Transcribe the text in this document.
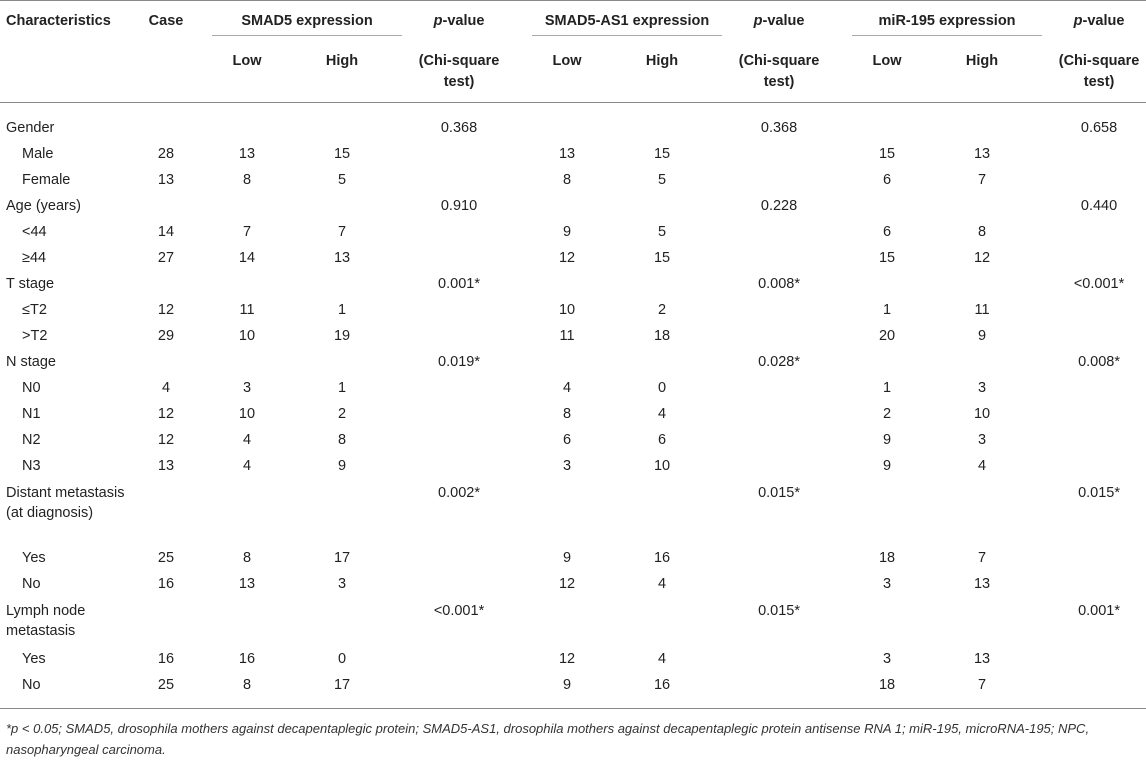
Characteristics	Case		SMAD5 expression		p-value		SMAD5-AS1 expression		p-value		miR-195 expression		p-value
			Low	High	(Chi-square test)		Low	High	(Chi-square test)		Low	High	(Chi-square test)
Gender					0.368				0.368				0.658
Male	28		13	15			13	15			15	13	
Female	13		8	5			8	5			6	7	
Age (years)					0.910				0.228				0.440
<44	14		7	7			9	5			6	8	
≥44	27		14	13			12	15			15	12	
T stage					0.001*				0.008*				<0.001*
≤T2	12		11	1			10	2			1	11	
>T2	29		10	19			11	18			20	9	
N stage					0.019*				0.028*				0.008*
N0	4		3	1			4	0			1	3	
N1	12		10	2			8	4			2	10	
N2	12		4	8			6	6			9	3	
N3	13		4	9			3	10			9	4	
Distant metastasis (at diagnosis)					0.002*				0.015*				0.015*
Yes	25		8	17			9	16			18	7	
No	16		13	3			12	4			3	13	
Lymph node metastasis					<0.001*				0.015*				0.001*
Yes	16		16	0			12	4			3	13	
No	25		8	17			9	16			18	7	

*p < 0.05; SMAD5, drosophila mothers against decapentaplegic protein; SMAD5-AS1, drosophila mothers against decapentaplegic protein antisense RNA 1; miR-195, microRNA-195; NPC, nasopharyngeal carcinoma.
